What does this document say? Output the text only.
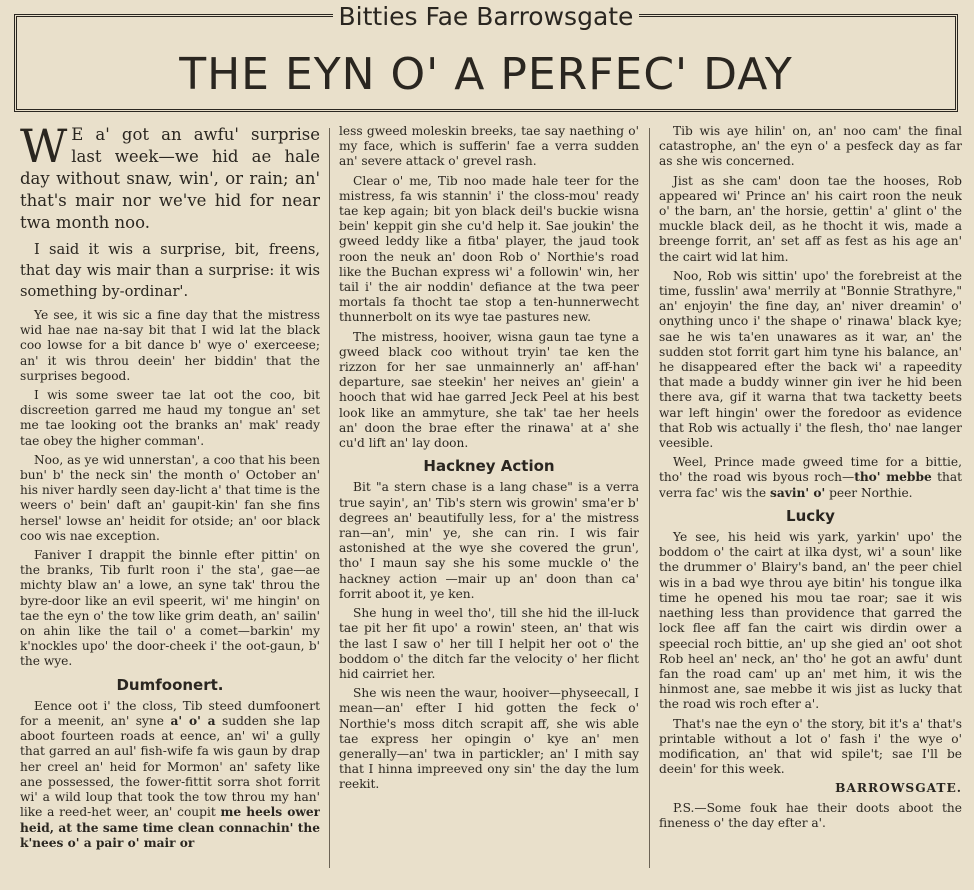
Bitties Fae Barrowsgate
THE EYN O' A PERFEC' DAY

W E a' got an awfu' surprise last week—we hid ae hale day without snaw, win', or rain; an' that's mair nor we've hid for near twa month noo.

I said it wis a surprise, bit, freens, that day wis mair than a surprise: it wis something by-ordinar'.

Ye see, it wis sic a fine day that the mistress wid hae nae na-say bit that I wid lat the black coo lowse for a bit dance b' wye o' exerceese; an' it wis throu deein' her biddin' that the surprises begood.

I wis some sweer tae lat oot the coo, bit discreetion garred me haud my tongue an' set me tae looking oot the branks an' mak' ready tae obey the higher comman'.

Noo, as ye wid unnerstan', a coo that his been bun' b' the neck sin' the month o' October an' his niver hardly seen day-licht a' that time is the weers o' bein' daft an' gaupit-kin' fan she fins hersel' lowse an' heidit for otside; an' oor black coo wis nae exception.

Faniver I drappit the binnle efter pittin' on the branks, Tib furlt roon i' the sta', gae—ae michty blaw an' a lowe, an syne tak' throu the byre-door like an evil speerit, wi' me hingin' on tae the eyn o' the tow like grim death, an' sailin' on ahin like the tail o' a comet—barkin' my k'nockles upo' the door-cheek i' the oot-gaun, b' the wye.

Dumfoonert.

Eence oot i' the closs, Tib steed dumfoonert for a meenit, an' syne a' o' a sudden she lap aboot fourteen roads at eence, an' wi' a gully that garred an aul' fish-wife fa wis gaun by drap her creel an' heid for Mormon' an' safety like ane possessed, the fower-fittit sorra shot forrit wi' a wild loup that took the tow throu my han' like a reed-het weer, an' coupit me heels ower heid, at the same time clean connachin' the k'nees o' a pair o' mair or

less gweed moleskin breeks, tae say naething o' my face, which is sufferin' fae a verra sudden an' severe attack o' grevel rash.

Clear o' me, Tib noo made hale teer for the mistress, fa wis stannin' i' the closs-mou' ready tae kep again; bit yon black deil's buckie wisna bein' keppit gin she cu'd help it. Sae joukin' the gweed leddy like a fitba' player, the jaud took roon the neuk an' doon Rob o' Northie's road like the Buchan express wi' a followin' win, her tail i' the air noddin' defiance at the twa peer mortals fa thocht tae stop a ten-hunnerwecht thunnerbolt on its wye tae pastures new.

The mistress, hooiver, wisna gaun tae tyne a gweed black coo without tryin' tae ken the rizzon for her sae unmainnerly an' aff-han' departure, sae steekin' her neives an' giein' a hooch that wid hae garred Jeck Peel at his best look like an ammyture, she tak' tae her heels an' doon the brae efter the rinawa' at a' she cu'd lift an' lay doon.

Hackney Action

Bit "a stern chase is a lang chase" is a verra true sayin', an' Tib's stern wis growin' sma'er b' degrees an' beautifully less, for a' the mistress ran—an', min' ye, she can rin. I wis fair astonished at the wye she covered the grun', tho' I maun say she his some muckle o' the hackney action —mair up an' doon than ca' forrit aboot it, ye ken.

She hung in weel tho', till she hid the ill-luck tae pit her fit upo' a rowin' steen, an' that wis the last I saw o' her till I helpit her oot o' the boddom o' the ditch far the velocity o' her flicht hid cairriet her.

She wis neen the waur, hooiver—physeecall, I mean—an' efter I hid gotten the feck o' Northie's moss ditch scrapit aff, she wis able tae express her opingin o' kye an' men generally—an' twa in partickler; an' I mith say that I hinna impreeved ony sin' the day the lum reekit.

Tib wis aye hilin' on, an' noo cam' the final catastrophe, an' the eyn o' a pesfeck day as far as she wis concerned.

Jist as she cam' doon tae the hooses, Rob appeared wi' Prince an' his cairt roon the neuk o' the barn, an' the horsie, gettin' a' glint o' the muckle black deil, as he thocht it wis, made a breenge forrit, an' set aff as fest as his age an' the cairt wid lat him.

Noo, Rob wis sittin' upo' the forebreist at the time, fusslin' awa' merrily at "Bonnie Strathyre," an' enjoyin' the fine day, an' niver dreamin' o' onything unco i' the shape o' rinawa' black kye; sae he wis ta'en unawares as it war, an' the sudden stot forrit gart him tyne his balance, an' he disappeared efter the back wi' a rapeedity that made a buddy winner gin iver he hid been there ava, gif it warna that twa tacketty beets war left hingin' ower the foredoor as evidence that Rob wis actually i' the flesh, tho' nae langer veesible.

Weel, Prince made gweed time for a bittie, tho' the road wis byous roch—tho' mebbe that verra fac' wis the savin' o' peer Northie.

Lucky

Ye see, his heid wis yark, yarkin' upo' the boddom o' the cairt at ilka dyst, wi' a soun' like the drummer o' Blairy's band, an' the peer chiel wis in a bad wye throu aye bitin' his tongue ilka time he opened his mou tae roar; sae it wis naething less than providence that garred the lock flee aff fan the cairt wis dirdin ower a speecial roch bittie, an' up she gied an' oot shot Rob heel an' neck, an' tho' he got an awfu' dunt fan the road cam' up an' met him, it wis the hinmost ane, sae mebbe it wis jist as lucky that the road wis roch efter a'.

That's nae the eyn o' the story, bit it's a' that's printable without a lot o' fash i' the wye o' modification, an' that wid spile't; sae I'll be deein' for this week.

BARROWSGATE.

P.S.—Some fouk hae their doots aboot the fineness o' the day efter a'.
